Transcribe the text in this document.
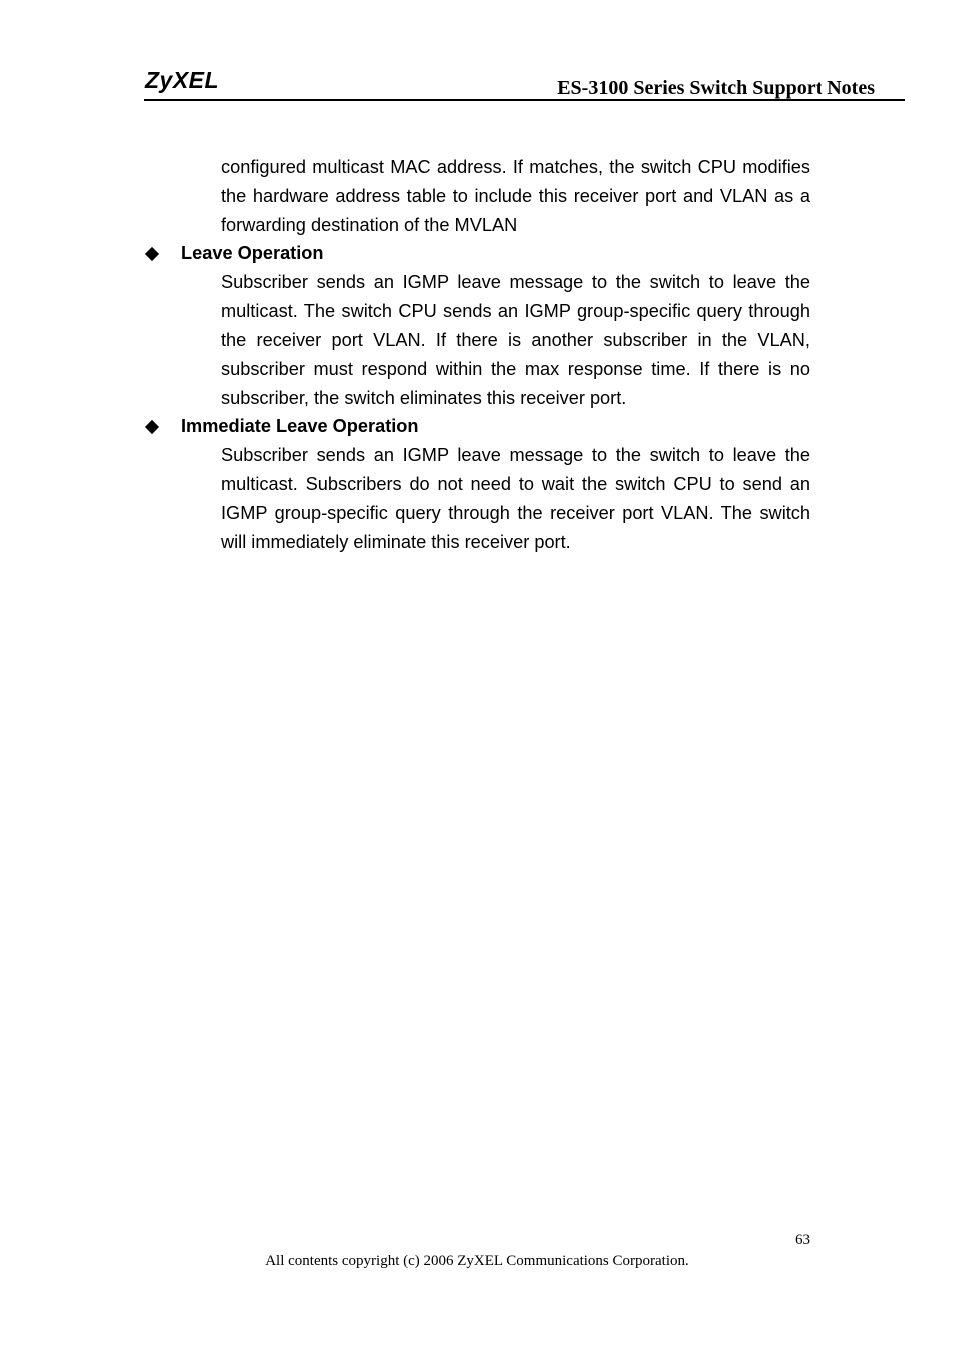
ZyXEL	ES-3100 Series Switch Support Notes
configured multicast MAC address. If matches, the switch CPU modifies the hardware address table to include this receiver port and VLAN as a forwarding destination of the MVLAN
Leave Operation
Subscriber sends an IGMP leave message to the switch to leave the multicast. The switch CPU sends an IGMP group-specific query through the receiver port VLAN. If there is another subscriber in the VLAN, subscriber must respond within the max response time. If there is no subscriber, the switch eliminates this receiver port.
Immediate Leave Operation
Subscriber sends an IGMP leave message to the switch to leave the multicast. Subscribers do not need to wait the switch CPU to send an IGMP group-specific query through the receiver port VLAN. The switch will immediately eliminate this receiver port.
63
All contents copyright (c) 2006 ZyXEL Communications Corporation.
